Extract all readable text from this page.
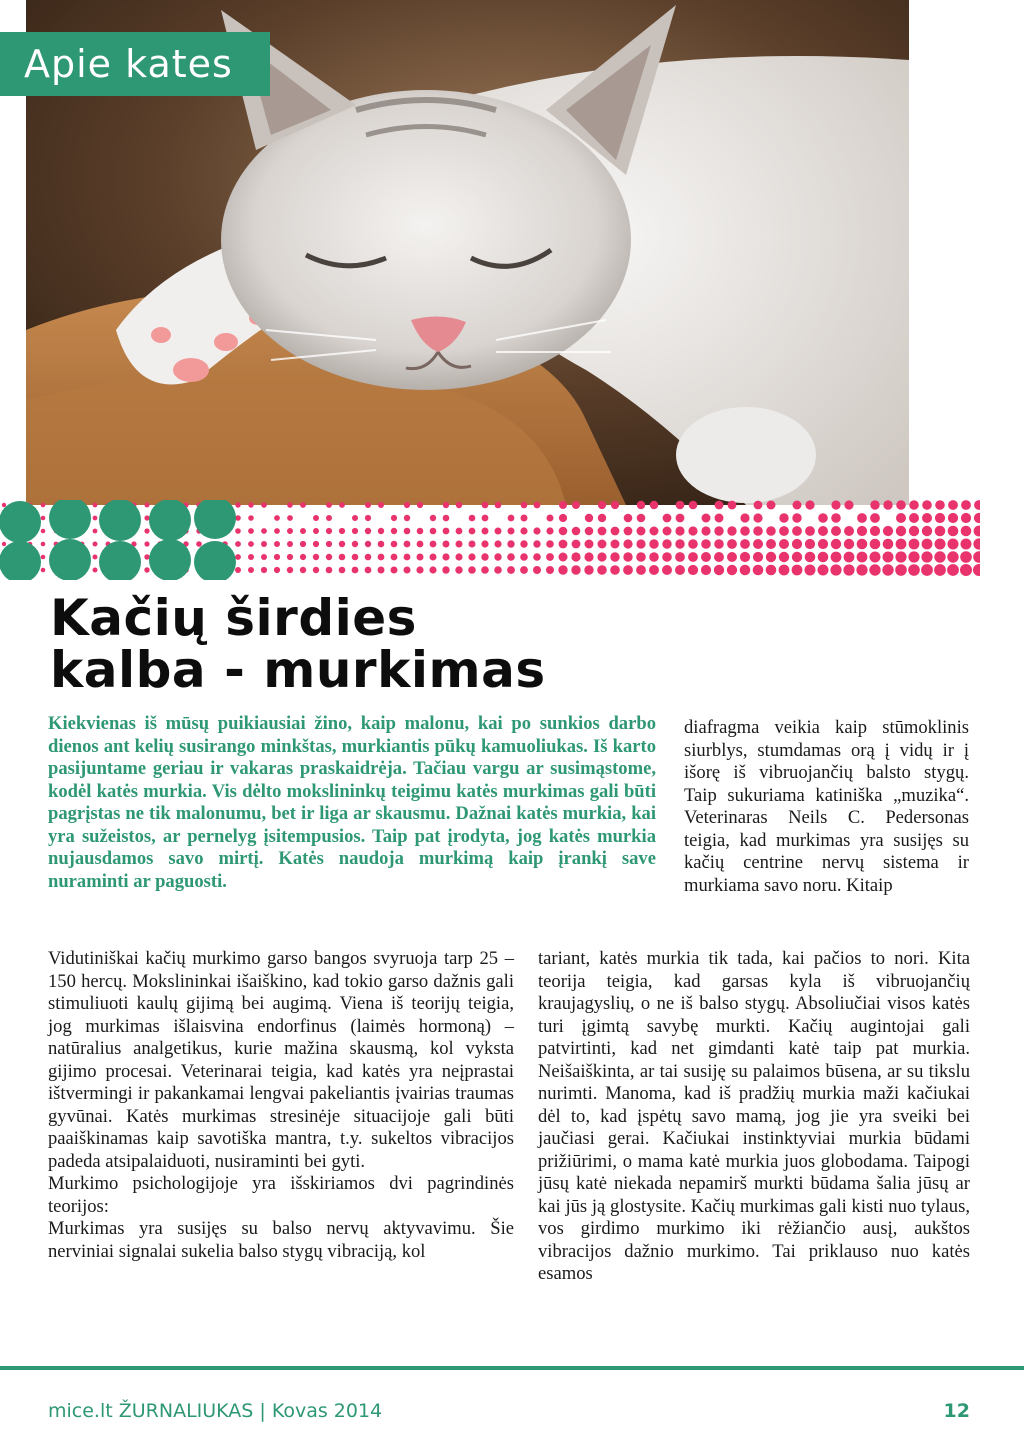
Apie kates
Kačių širdies
kalba - murkimas

Kiekvienas iš mūsų puikiausiai žino, kaip malonu, kai po sunkios darbo dienos ant kelių susirango minkštas, murkiantis pūkų kamuoliukas. Iš karto pasijuntame geriau ir vakaras praskaidrėja. Tačiau vargu ar susimąstome, kodėl katės murkia. Vis dėlto mokslininkų teigimu katės murkimas gali būti pagrįstas ne tik malonumu, bet ir liga ar skausmu. Dažnai katės murkia, kai yra sužeistos, ar pernelyg įsitempusios. Taip pat įrodyta, jog katės murkia nujausdamos savo mirtį. Katės naudoja murkimą kaip įrankį save nuraminti ar paguosti.

diafragma veikia kaip stūmoklinis siurblys, stumdamas orą į vidų ir į išorę iš vibruojančių balsto stygų. Taip sukuriama katiniška „muzika“. Veterinaras Neils C. Pedersonas teigia, kad murkimas yra susijęs su kačių centrine nervų sistema ir murkiama savo noru. Kitaip

Vidutiniškai kačių murkimo garso bangos svyruoja tarp 25 – 150 hercų. Mokslininkai išaiškino, kad tokio garso dažnis gali stimuliuoti kaulų gijimą bei augimą. Viena iš teorijų teigia, jog murkimas išlaisvina endorfinus (laimės hormoną) – natūralius analgetikus, kurie mažina skausmą, kol vyksta gijimo procesai. Veterinarai teigia, kad katės yra neįprastai ištvermingi ir pakankamai lengvai pakeliantis įvairias traumas gyvūnai. Katės murkimas stresinėje situacijoje gali būti paaiškinamas kaip savotiška mantra, t.y. sukeltos vibracijos padeda atsipalaiduoti, nusiraminti bei gyti.

Murkimo psichologijoje yra išskiriamos dvi pagrindinės teorijos:

Murkimas yra susijęs su balso nervų aktyvavimu. Šie nerviniai signalai sukelia balso stygų vibraciją, kol

tariant, katės murkia tik tada, kai pačios to nori. Kita teorija teigia, kad garsas kyla iš vibruojančių kraujagyslių, o ne iš balso stygų. Absoliučiai visos katės turi įgimtą savybę murkti. Kačių augintojai gali patvirtinti, kad net gimdanti katė taip pat murkia. Neišaiškinta, ar tai susiję su palaimos būsena, ar su tikslu nurimti. Manoma, kad iš pradžių murkia maži kačiukai dėl to, kad įspėtų savo mamą, jog jie yra sveiki bei jaučiasi gerai. Kačiukai instinktyviai murkia būdami prižiūrimi, o mama katė murkia juos globodama. Taipogi jūsų katė niekada nepamirš murkti būdama šalia jūsų ar kai jūs ją glostysite. Kačių murkimas gali kisti nuo tylaus, vos girdimo murkimo iki rėžiančio ausį, aukštos vibracijos dažnio murkimo. Tai priklauso nuo katės esamos

mice.lt ŽURNALIUKAS | Kovas 2014	12
